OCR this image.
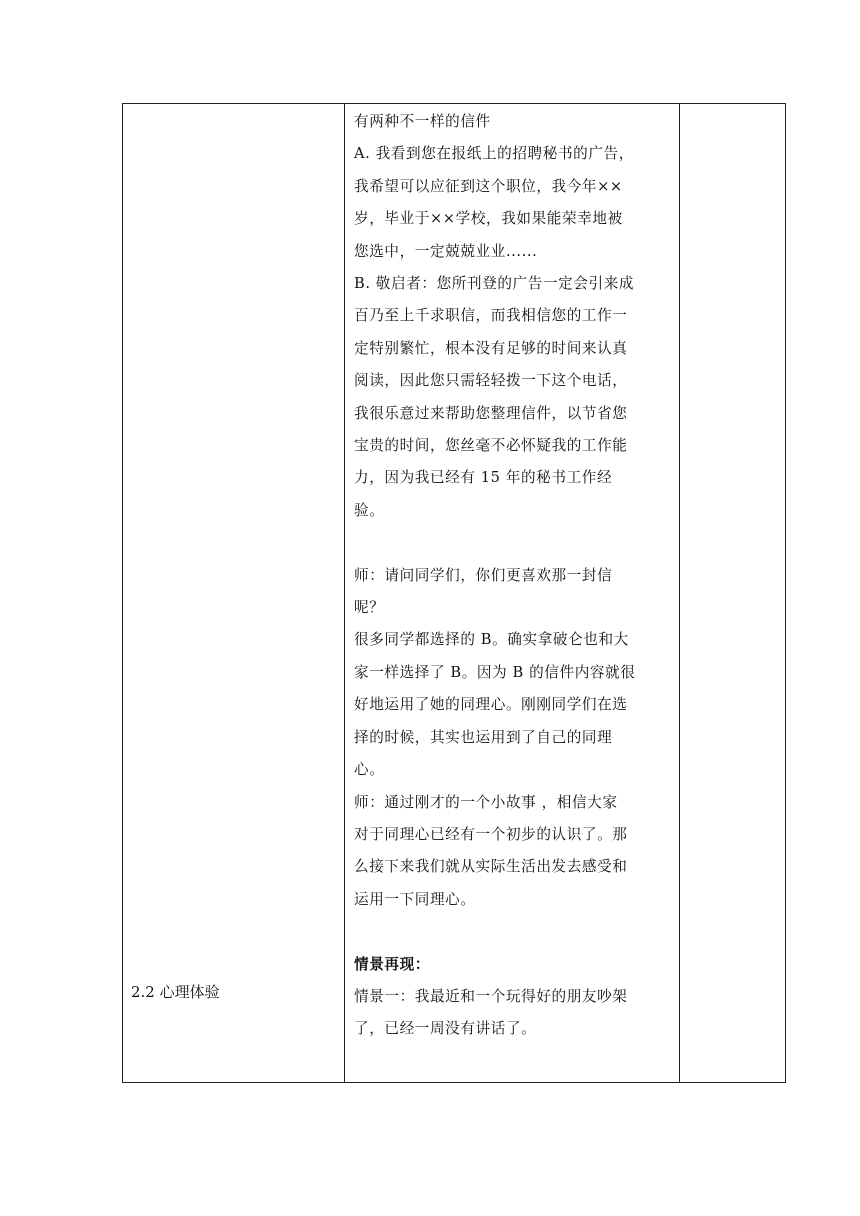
2.2 心理体验

有两种不一样的信件

A. 我看到您在报纸上的招聘秘书的广告，

我希望可以应征到这个职位，我今年××

岁，毕业于××学校，我如果能荣幸地被

您选中，一定兢兢业业......

B. 敬启者：您所刊登的广告一定会引来成

百乃至上千求职信，而我相信您的工作一

定特别繁忙，根本没有足够的时间来认真

阅读，因此您只需轻轻拨一下这个电话，

我很乐意过来帮助您整理信件，以节省您

宝贵的时间，您丝毫不必怀疑我的工作能

力，因为我已经有 15 年的秘书工作经

验。

师：请问同学们，你们更喜欢那一封信

呢？

很多同学都选择的 B。确实拿破仑也和大

家一样选择了 B。因为 B 的信件内容就很

好地运用了她的同理心。刚刚同学们在选

择的时候，其实也运用到了自己的同理

心。

师：通过刚才的一个小故事 ，相信大家

对于同理心已经有一个初步的认识了。那

么接下来我们就从实际生活出发去感受和

运用一下同理心。

情景再现：

情景一：我最近和一个玩得好的朋友吵架

了，已经一周没有讲话了。
